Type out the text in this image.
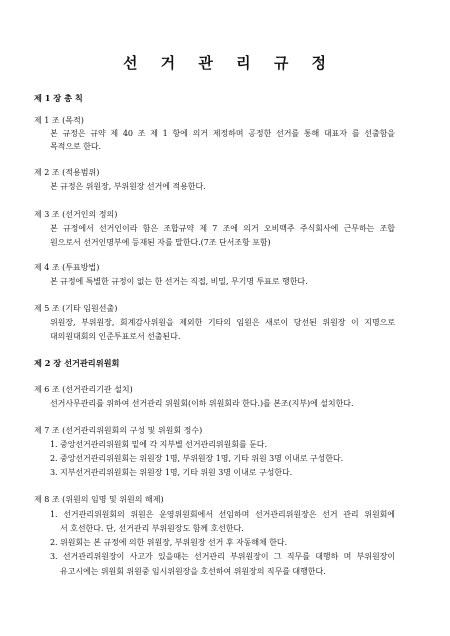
선 거 관 리 규 정
제 1 장 총 칙
제 1 조 (목적)
본 규정은 규약 제 40 조 제 1 항에 의거 제정하며 공정한 선거를 통해 대표자 를 선출함을
목적으로 한다.
제 2 조 (적용범위)
본 규정은 위원장, 부위원장 선거에 적용한다.
제 3 조 (선거인의 정의)
본 규정에서 선거인이라 함은 조합규약 제 7 조에 의거 오비맥주 주식회사에 근무하는 조합
원으로서 선거인명부에 등재된 자를 말한다.(7조 단서조항 포함)
제 4 조 (투표방법)
본 규정에 특별한 규정이 없는 한 선거는 직접, 비밀, 무기명 투표로 행한다.
제 5 조 (기타 임원선출)
위원장, 부위원장, 회계감사위원을 제외한 기타의 임원은 새로이 당선된 위원장 이 지명으로
대의원대회의 인준투표로서 선출된다.
제 2 장 선거관리위원회
제 6 조 (선거관리기관 설치)
선거사무관리를 위하여 선거관리 위원회(이하 위원회라 한다.)를 본조(지부)에 설치한다.
제 7 조 (선거관리위원회의 구성 및 위원회 정수)
1. 중앙선거관리위원회 밑에 각 지부별 선거관리위원회를 둔다.
2. 중앙선거관리위원회는 위원장 1명, 부위원장 1명, 기타 위원 3명 이내로 구성한다.
3. 지부선거관리위원회는 위원장 1명, 기타 위원 3명 이내로 구성한다.
제 8 조 (위원의 임명 및 위원의 해제)
1. 선거관리위원회의 위원은 운영위원회에서 선임하며 선거관리위원장은 선거 관리 위원회에
서 호선한다. 단, 선거관리 부위원장도 함께 호선한다.
2. 위원회는 본 규정에 의한 위원장, 부위원장 선거 후 자동해체 한다.
3. 선거관리위원장이 사고가 있을때는 선거관리 부위원장이 그 직무를 대행하 며 부위원장이
유고시에는 위원회 위원중 임시위원장을 호선하여 위원장의 직무를 대행한다.
